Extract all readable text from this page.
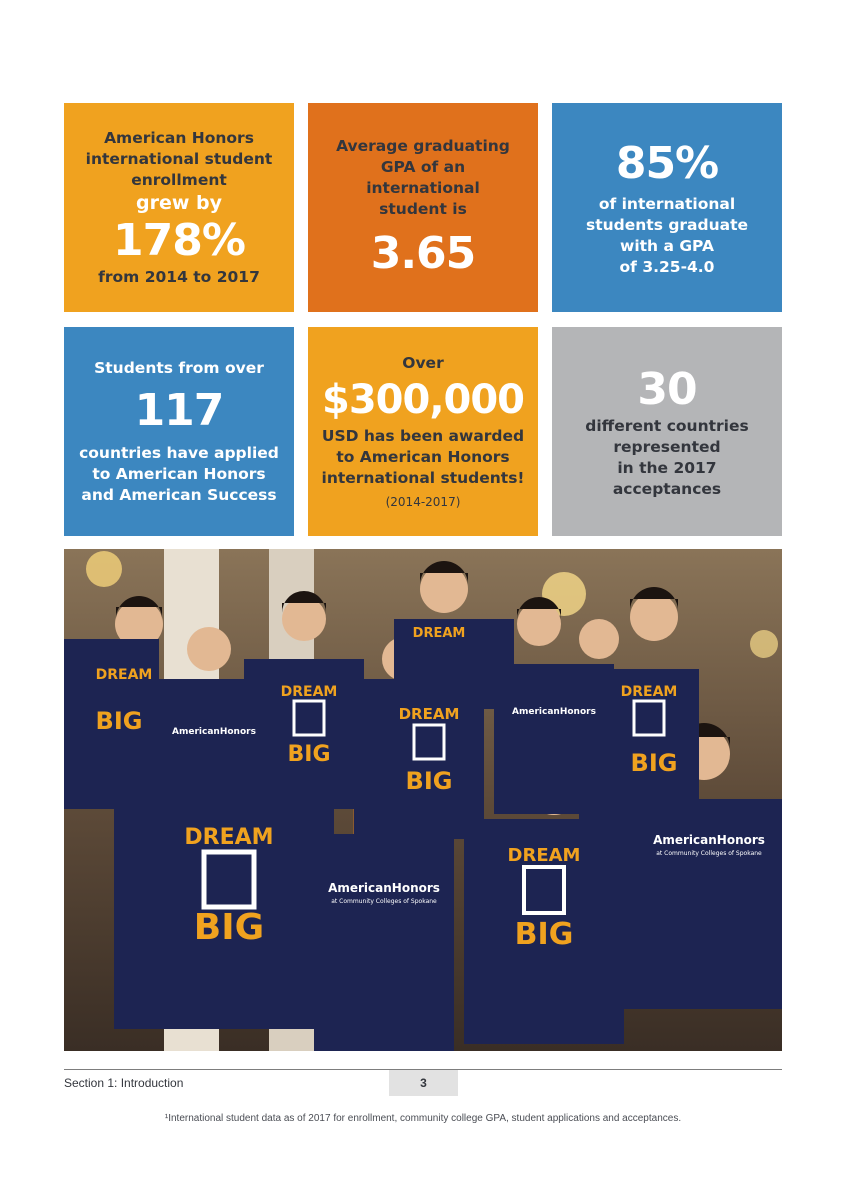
American Honors
international student
enrollment
grew by
178%
from 2014 to 2017
Average graduating
GPA of an
international
student is
3.65
85%
of international
students graduate
with a GPA
of 3.25-4.0
Students from over
117
countries have applied
to American Honors
and American Success
Over
$300,000
USD has been awarded
to American Honors
international students!
(2014-2017)
30
different countries
represented
in the 2017
acceptances
DREAM
BIG
DREAM
BIG
DREAM
BIG
DREAM
BIG
DREAM
BIG
DREAM
DREAM
BIG
AmericanHonors
at Community Colleges of Spokane
AmericanHonors
at Community Colleges of Spokane
AmericanHonors
AmericanHonors
Section 1: Introduction	3
¹International student data as of 2017 for enrollment, community college GPA, student applications and acceptances.
